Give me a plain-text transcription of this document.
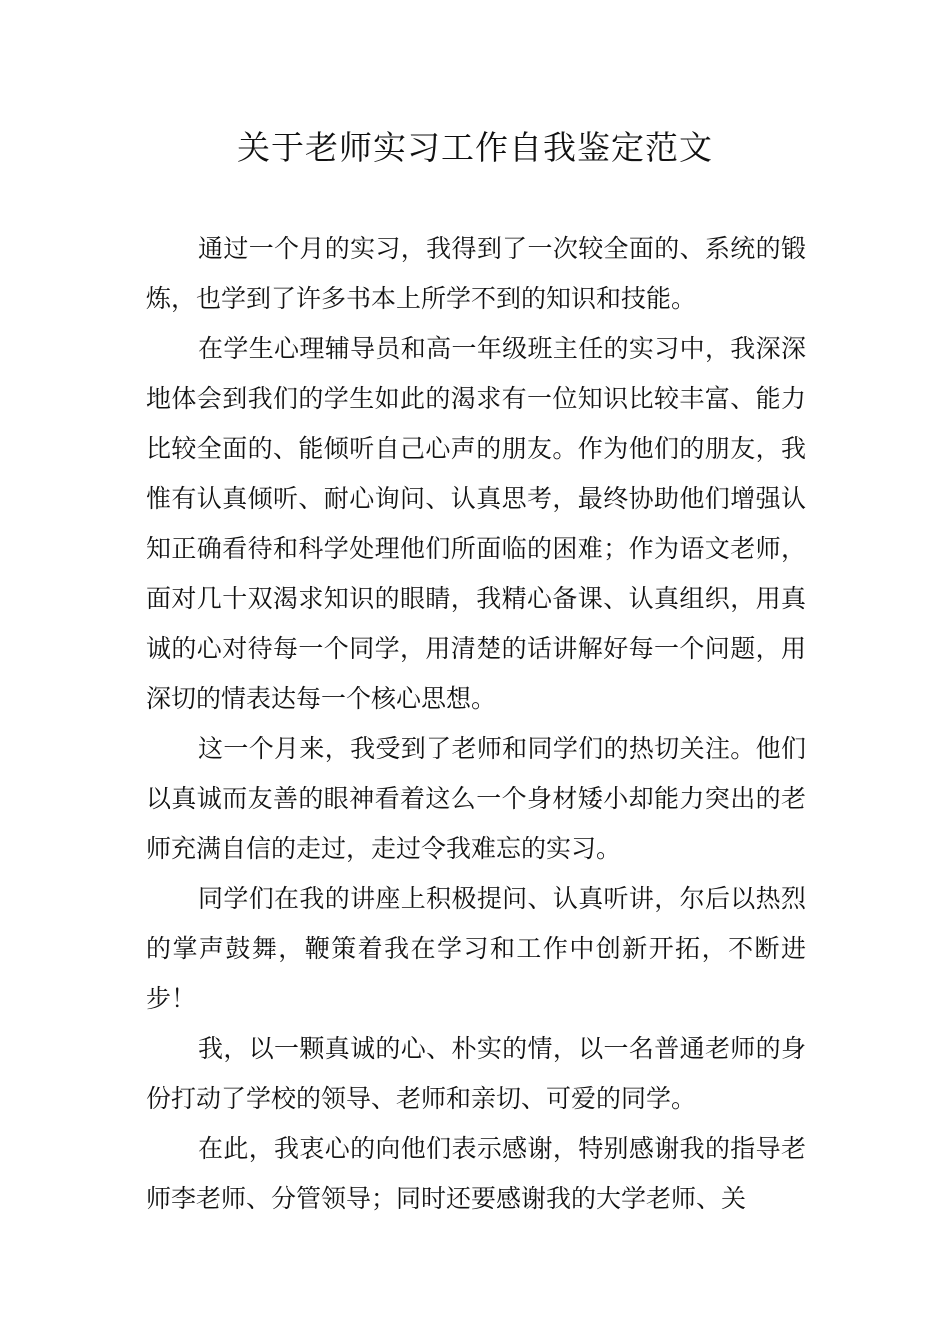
关于老师实习工作自我鉴定范文

通过一个月的实习，我得到了一次较全面的、系统的锻炼，也学到了许多书本上所学不到的知识和技能。

在学生心理辅导员和高一年级班主任的实习中，我深深地体会到我们的学生如此的渴求有一位知识比较丰富、能力比较全面的、能倾听自己心声的朋友。作为他们的朋友，我惟有认真倾听、耐心询问、认真思考，最终协助他们增强认知正确看待和科学处理他们所面临的困难；作为语文老师，面对几十双渴求知识的眼睛，我精心备课、认真组织，用真诚的心对待每一个同学，用清楚的话讲解好每一个问题，用深切的情表达每一个核心思想。

这一个月来，我受到了老师和同学们的热切关注。他们以真诚而友善的眼神看着这么一个身材矮小却能力突出的老师充满自信的走过，走过令我难忘的实习。

同学们在我的讲座上积极提问、认真听讲，尔后以热烈的掌声鼓舞，鞭策着我在学习和工作中创新开拓，不断进步！

我，以一颗真诚的心、朴实的情，以一名普通老师的身份打动了学校的领导、老师和亲切、可爱的同学。

在此，我衷心的向他们表示感谢，特别感谢我的指导老师李老师、分管领导；同时还要感谢我的大学老师、关
